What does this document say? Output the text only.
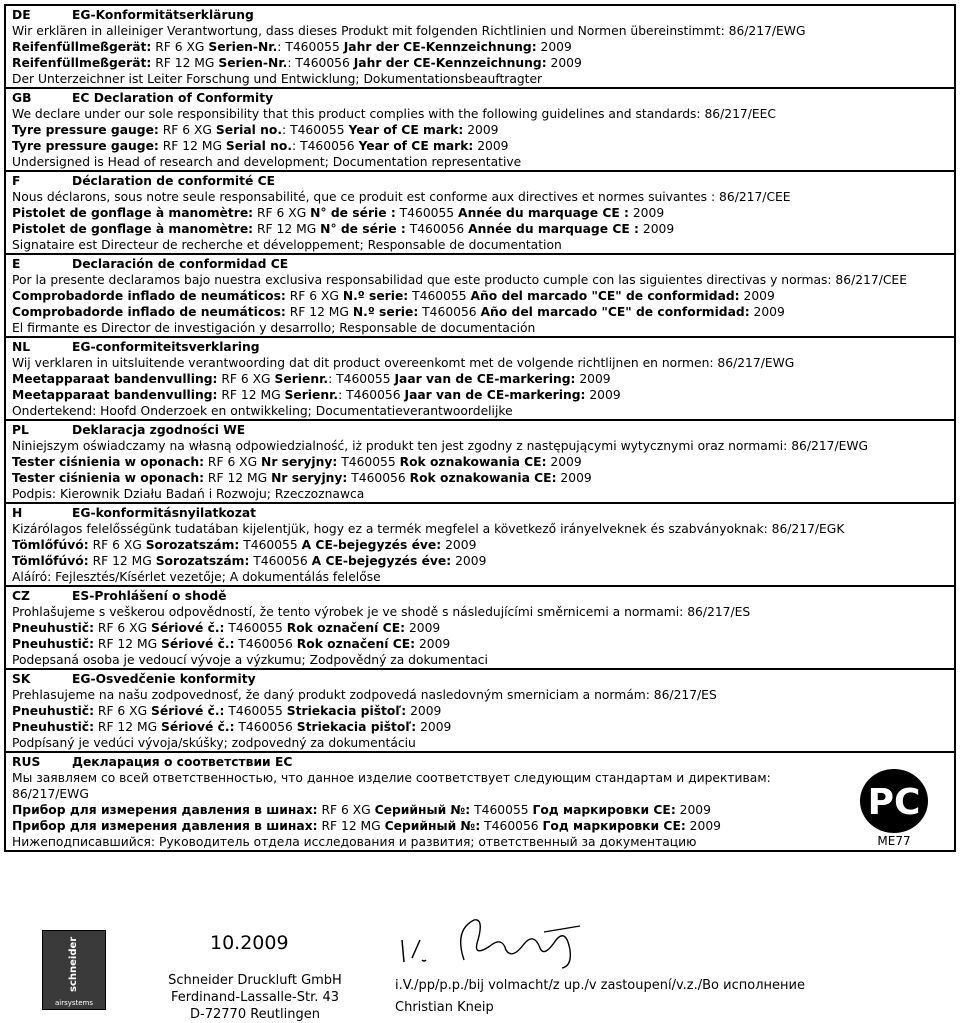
DE	EG-Konformitätserklärung
Wir erklären in alleiniger Verantwortung, dass dieses Produkt mit folgenden Richtlinien und Normen übereinstimmt: 86/217/EWG
Reifenfüllmeßgerät: RF 6 XG Serien-Nr.: T460055 Jahr der CE-Kennzeichnung: 2009
Reifenfüllmeßgerät: RF 12 MG Serien-Nr.: T460056 Jahr der CE-Kennzeichnung: 2009
Der Unterzeichner ist Leiter Forschung und Entwicklung; Dokumentationsbeauftragter
GB	EC Declaration of Conformity
We declare under our sole responsibility that this product complies with the following guidelines and standards: 86/217/EEC
Tyre pressure gauge: RF 6 XG Serial no.: T460055 Year of CE mark: 2009
Tyre pressure gauge: RF 12 MG Serial no.: T460056 Year of CE mark: 2009
Undersigned is Head of research and development; Documentation representative
F	Déclaration de conformité CE
Nous déclarons, sous notre seule responsabilité, que ce produit est conforme aux directives et normes suivantes : 86/217/CEE
Pistolet de gonflage à manomètre: RF 6 XG N° de série : T460055 Année du marquage CE : 2009
Pistolet de gonflage à manomètre: RF 12 MG N° de série : T460056 Année du marquage CE : 2009
Signataire est Directeur de recherche et développement; Responsable de documentation
E	Declaración de conformidad CE
Por la presente declaramos bajo nuestra exclusiva responsabilidad que este producto cumple con las siguientes directivas y normas: 86/217/CEE
Comprobadorde inflado de neumáticos: RF 6 XG N.º serie: T460055 Año del marcado "CE" de conformidad: 2009
Comprobadorde inflado de neumáticos: RF 12 MG N.º serie: T460056 Año del marcado "CE" de conformidad: 2009
El firmante es Director de investigación y desarrollo; Responsable de documentación
NL	EG-conformiteitsverklaring
Wij verklaren in uitsluitende verantwoording dat dit product overeenkomt met de volgende richtlijnen en normen: 86/217/EWG
Meetapparaat bandenvulling: RF 6 XG Serienr.: T460055 Jaar van de CE-markering: 2009
Meetapparaat bandenvulling: RF 12 MG Serienr.: T460056 Jaar van de CE-markering: 2009
Ondertekend: Hoofd Onderzoek en ontwikkeling; Documentatieverantwoordelijke
PL	Deklaracja zgodności WE
Niniejszym oświadczamy na własną odpowiedzialność, iż produkt ten jest zgodny z następującymi wytycznymi oraz normami: 86/217/EWG
Tester ciśnienia w oponach: RF 6 XG Nr seryjny: T460055 Rok oznakowania CE: 2009
Tester ciśnienia w oponach: RF 12 MG Nr seryjny: T460056 Rok oznakowania CE: 2009
Podpis: Kierownik Działu Badań i Rozwoju; Rzeczoznawca
H	EG-konformitásnyilatkozat
Kizárólagos felelősségünk tudatában kijelentjük, hogy ez a termék megfelel a következő irányelveknek és szabványoknak: 86/217/EGK
Tömlőfúvó: RF 6 XG Sorozatszám: T460055 A CE-bejegyzés éve: 2009
Tömlőfúvó: RF 12 MG Sorozatszám: T460056 A CE-bejegyzés éve: 2009
Aláíró: Fejlesztés/Kísérlet vezetője; A dokumentálás felelőse
CZ	ES-Prohlášení o shodě
Prohlašujeme s veškerou odpovědností, že tento výrobek je ve shodě s následujícími směrnicemi a normami: 86/217/ES
Pneuhustič: RF 6 XG Sériové č.: T460055 Rok označení CE: 2009
Pneuhustič: RF 12 MG Sériové č.: T460056 Rok označení CE: 2009
Podepsaná osoba je vedoucí vývoje a výzkumu; Zodpovědný za dokumentaci
SK	EG-Osvedčenie konformity
Prehlasujeme na našu zodpovednosť, že daný produkt zodpovedá nasledovným smerniciam a normám: 86/217/ES
Pneuhustič: RF 6 XG Sériové č.: T460055 Striekacia pištoľ: 2009
Pneuhustič: RF 12 MG Sériové č.: T460056 Striekacia pištoľ: 2009
Podpísaný je vedúci vývoja/skúšky; zodpovedný za dokumentáciu
RUS	Декларация о соответствии ЕС
Мы заявляем со всей ответственностью, что данное изделие соответствует следующим стандартам и директивам: 86/217/EWG
Прибор для измерения давления в шинах: RF 6 XG Серийный №: T460055 Год маркировки CE: 2009
Прибор для измерения давления в шинах: RF 12 MG Серийный №: T460056 Год маркировки CE: 2009
Нижеподписавшийся: Руководитель отдела исследования и развития; ответственный за документацию
PC
ME77
schneider
airsystems
10.2009
Schneider Druckluft GmbH
Ferdinand-Lassalle-Str. 43
D-72770 Reutlingen
i.V./pp/p.p./bij volmacht/z up./v zastoupení/v.z./Во исполнение
Christian Kneip
